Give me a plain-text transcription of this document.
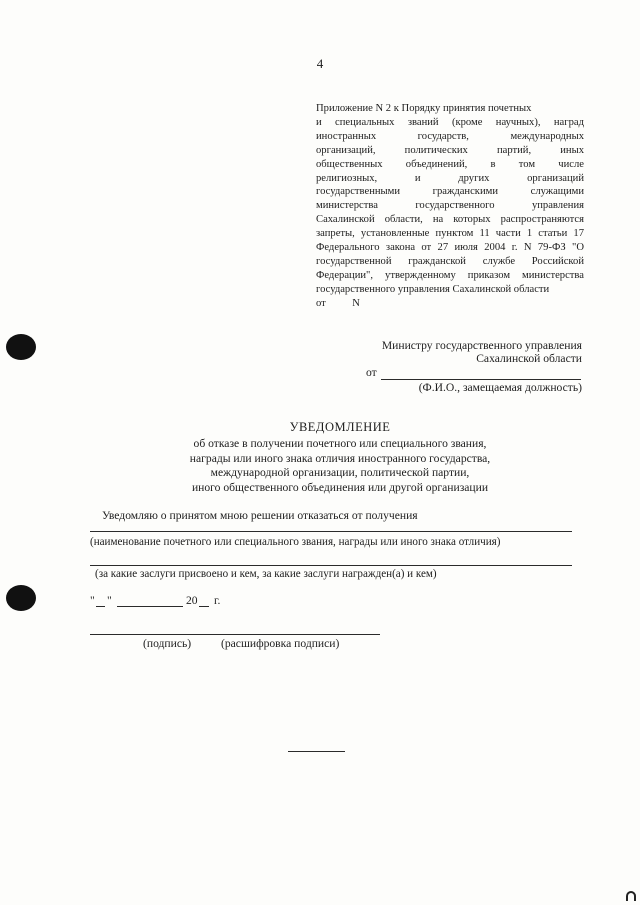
4
Приложение N 2 к Порядку принятия почетных
и специальных званий (кроме научных), наград
иностранных государств, международных
организаций, политических партий, иных
общественных объединений, в том числе
религиозных, и других организаций
государственными гражданскими служащими
министерства государственного управления
Сахалинской области, на которых распространяются
запреты, установленные пунктом 11 части 1 статьи 17
Федерального закона от 27 июля 2004 г. N 79-ФЗ "О
государственной гражданской службе Российской
Федерации", утвержденному приказом министерства
государственного управления Сахалинской области
от          N
Министру государственного управления
Сахалинской области
от
(Ф.И.О., замещаемая должность)
УВЕДОМЛЕНИЕ
об отказе в получении почетного или специального звания,
награды или иного знака отличия иностранного государства,
международной организации, политической партии,
иного общественного объединения или другой организации
Уведомляю о принятом мною решении отказаться от получения
(наименование почетного или специального звания, награды или иного знака отличия)
(за какие заслуги присвоено и кем, за какие заслуги награжден(а) и кем)
" "	20 г.
(подпись)	(расшифровка подписи)
